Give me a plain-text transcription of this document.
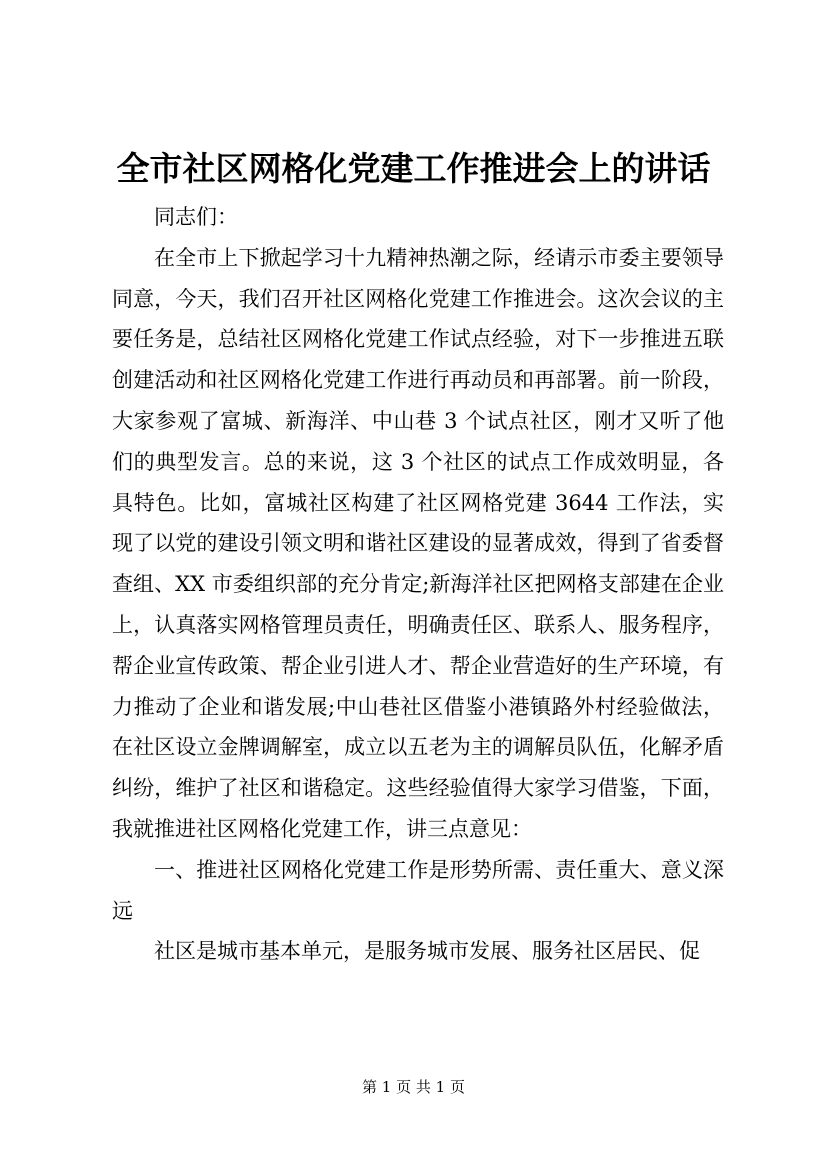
全市社区网格化党建工作推进会上的讲话

同志们：

在全市上下掀起学习十九精神热潮之际，经请示市委主要领导同意，今天，我们召开社区网格化党建工作推进会。这次会议的主要任务是，总结社区网格化党建工作试点经验，对下一步推进五联创建活动和社区网格化党建工作进行再动员和再部署。前一阶段，大家参观了富城、新海洋、中山巷 3 个试点社区，刚才又听了他们的典型发言。总的来说，这 3 个社区的试点工作成效明显，各具特色。比如，富城社区构建了社区网格党建 3644 工作法，实现了以党的建设引领文明和谐社区建设的显著成效，得到了省委督查组、XX 市委组织部的充分肯定;新海洋社区把网格支部建在企业上，认真落实网格管理员责任，明确责任区、联系人、服务程序，帮企业宣传政策、帮企业引进人才、帮企业营造好的生产环境，有力推动了企业和谐发展;中山巷社区借鉴小港镇路外村经验做法，在社区设立金牌调解室，成立以五老为主的调解员队伍，化解矛盾纠纷，维护了社区和谐稳定。这些经验值得大家学习借鉴，下面，我就推进社区网格化党建工作，讲三点意见：

一、推进社区网格化党建工作是形势所需、责任重大、意义深远

社区是城市基本单元，是服务城市发展、服务社区居民、促

第 1 页 共 1 页
